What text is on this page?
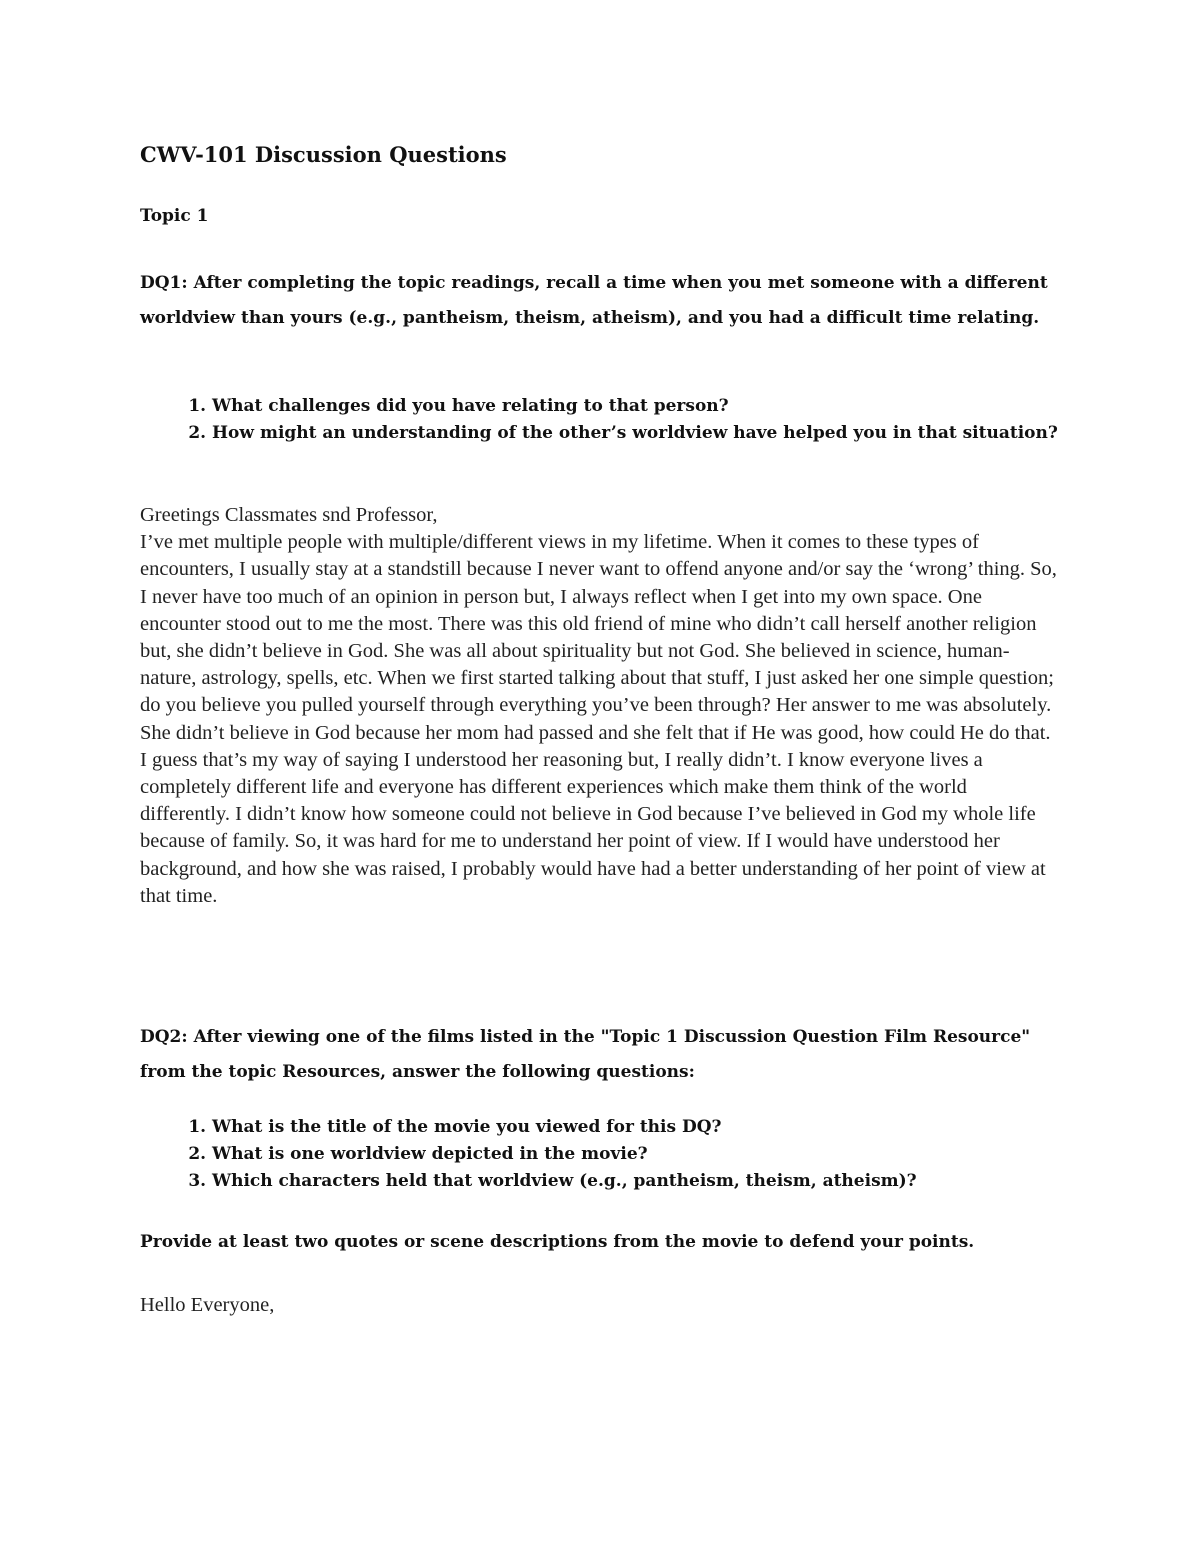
CWV-101 Discussion Questions
Topic 1
DQ1: After completing the topic readings, recall a time when you met someone with a different worldview than yours (e.g., pantheism, theism, atheism), and you had a difficult time relating.
1. What challenges did you have relating to that person?
2. How might an understanding of the other’s worldview have helped you in that situation?

Greetings Classmates snd Professor,

I’ve met multiple people with multiple/different views in my lifetime. When it comes to these types of encounters, I usually stay at a standstill because I never want to offend anyone and/or say the ‘wrong’ thing. So, I never have too much of an opinion in person but, I always reflect when I get into my own space. One encounter stood out to me the most. There was this old friend of mine who didn’t call herself another religion but, she didn’t believe in God. She was all about spirituality but not God. She believed in science, human-nature, astrology, spells, etc. When we first started talking about that stuff, I just asked her one simple question; do you believe you pulled yourself through everything you’ve been through? Her answer to me was absolutely. She didn’t believe in God because her mom had passed and she felt that if He was good, how could He do that. I guess that’s my way of saying I understood her reasoning but, I really didn’t. I know everyone lives a completely different life and everyone has different experiences which make them think of the world differently. I didn’t know how someone could not believe in God because I’ve believed in God my whole life because of family. So, it was hard for me to understand her point of view. If I would have understood her background, and how she was raised, I probably would have had a better understanding of her point of view at that time.

DQ2: After viewing one of the films listed in the "Topic 1 Discussion Question Film Resource" from the topic Resources, answer the following questions:
1. What is the title of the movie you viewed for this DQ?
2. What is one worldview depicted in the movie?
3. Which characters held that worldview (e.g., pantheism, theism, atheism)?
Provide at least two quotes or scene descriptions from the movie to defend your points.
Hello Everyone,
